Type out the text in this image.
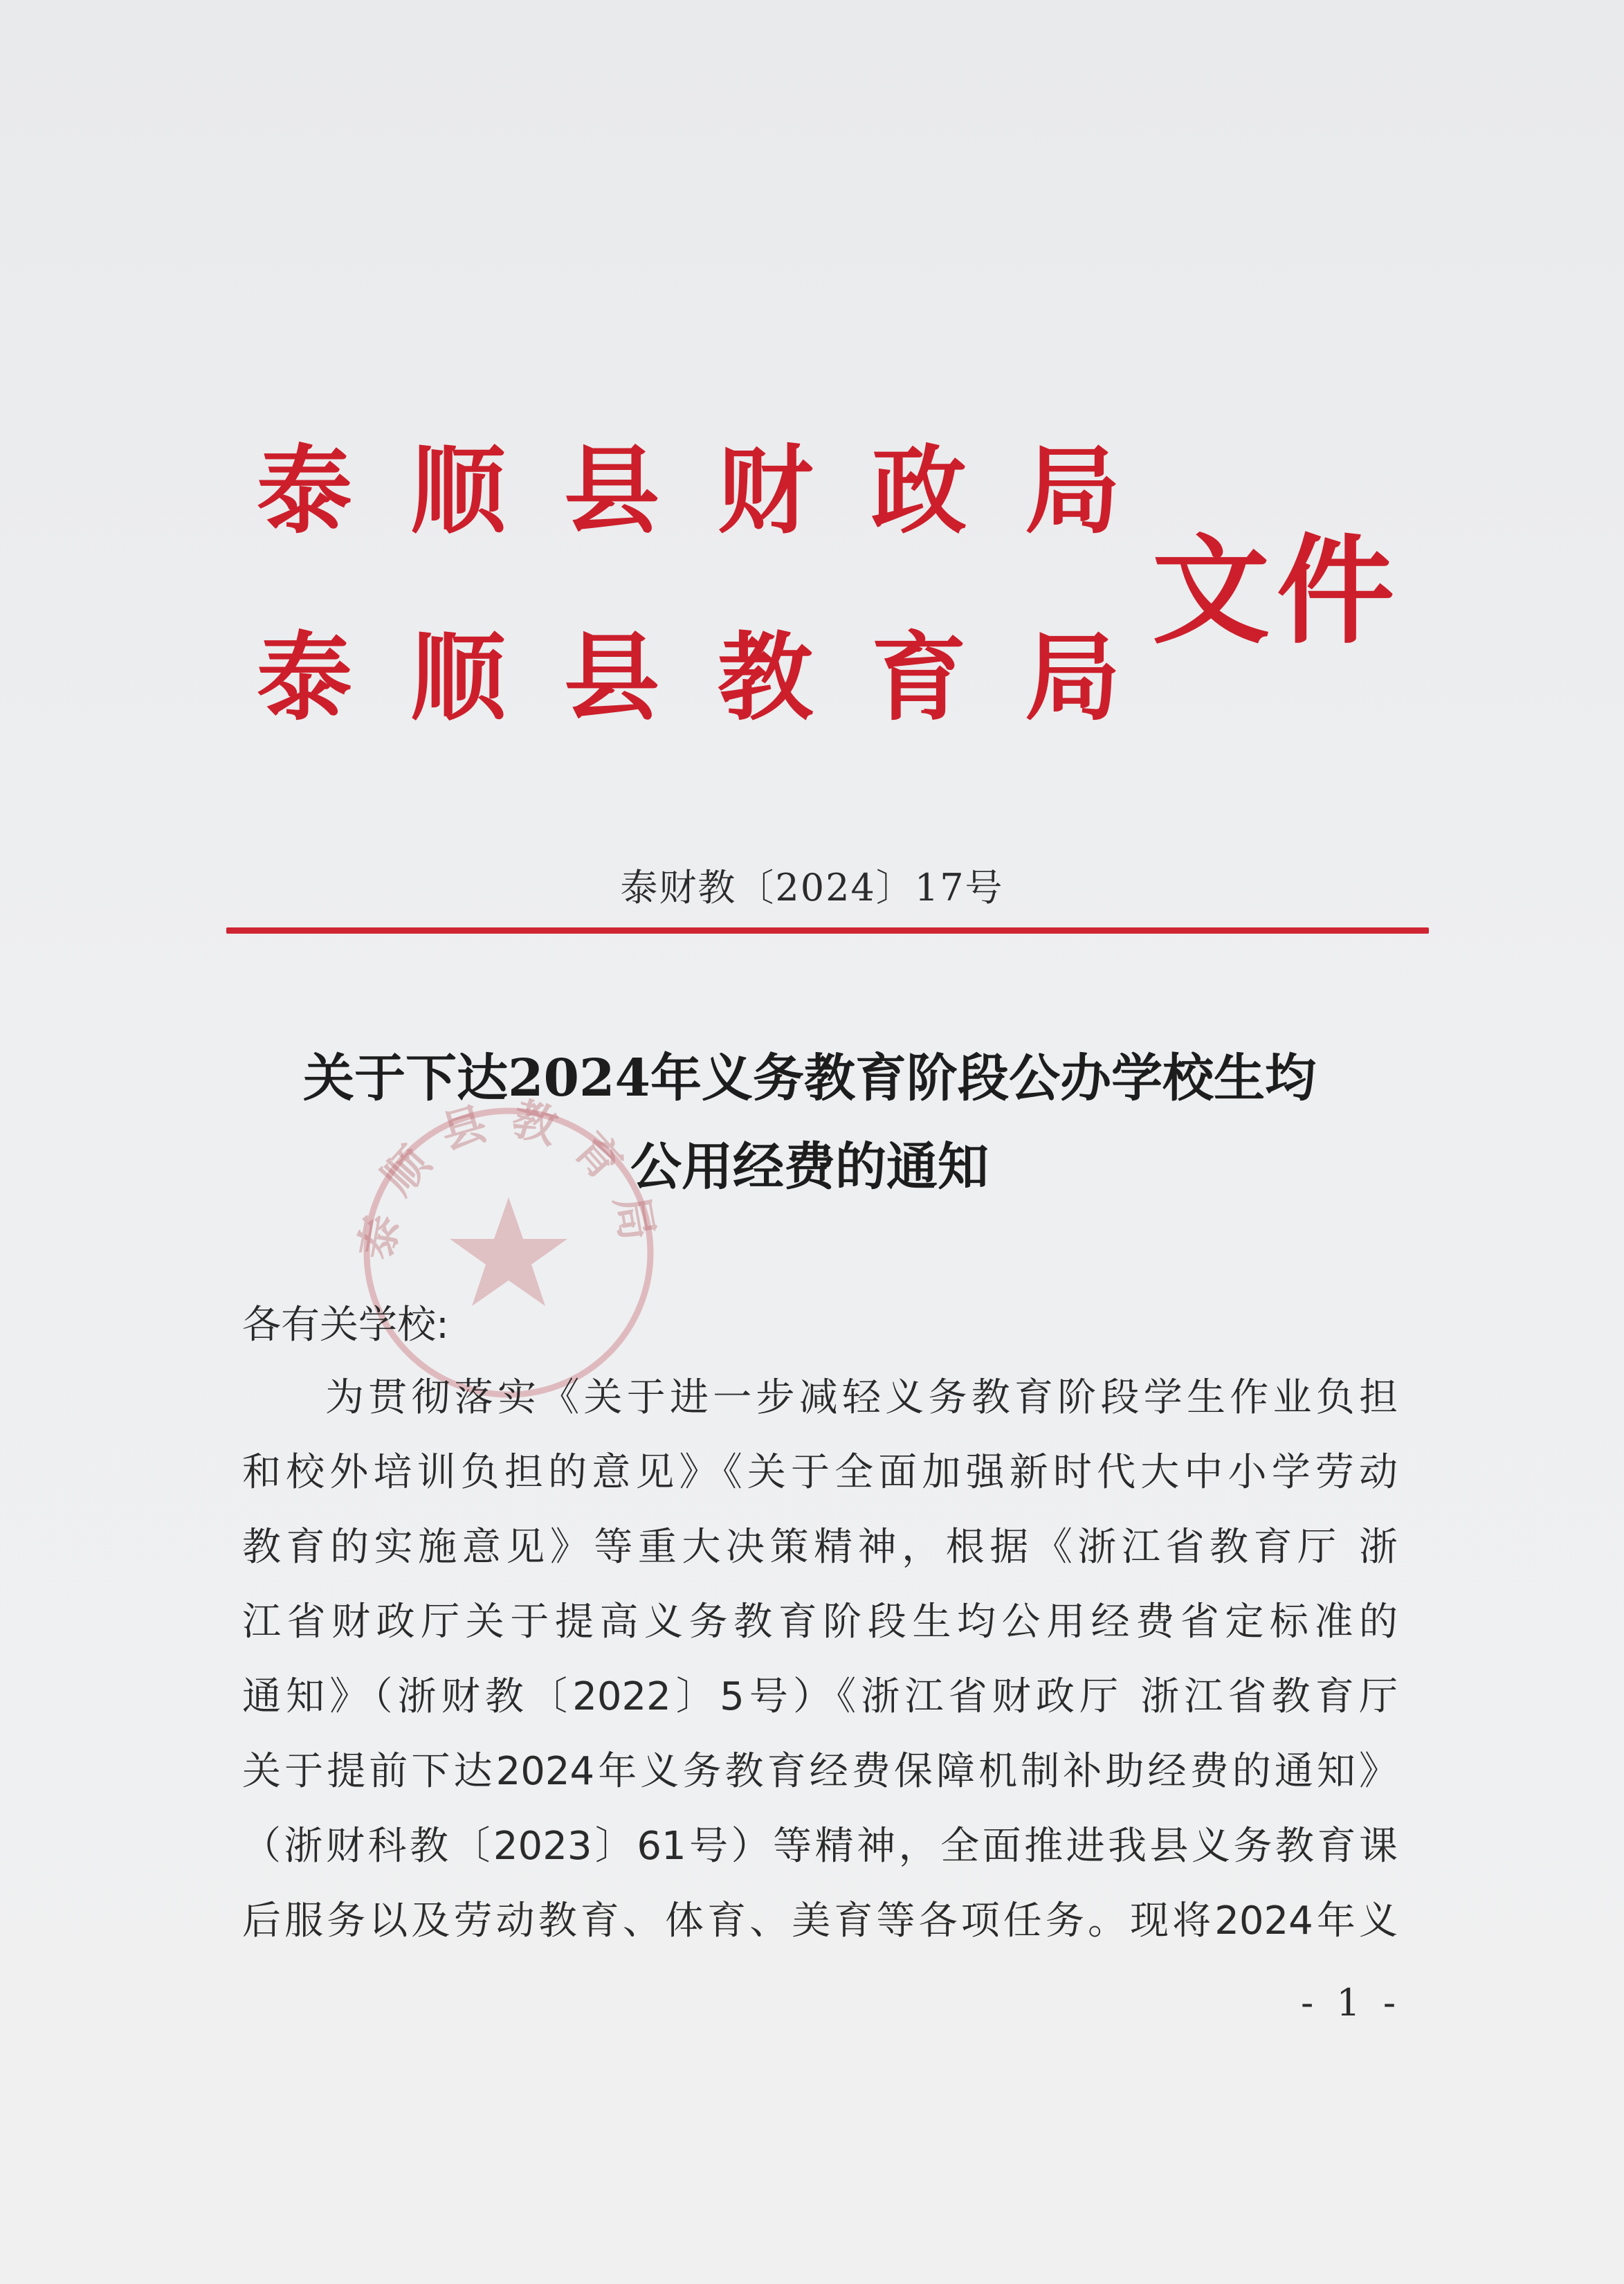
泰 顺 县 财 政 局
泰 顺 县 教 育 局
文件
泰财教〔2024〕17号
泰顺县教育局
关于下达2024年义务教育阶段公办学校生均
公用经费的通知
各有关学校:
为贯彻落实《关于进一步减轻义务教育阶段学生作业负担
和校外培训负担的意见》《关于全面加强新时代大中小学劳动
教育的实施意见》等重大决策精神，根据《浙江省教育厅 浙
江省财政厅关于提高义务教育阶段生均公用经费省定标准的
通知》（浙财教〔2022〕5号）《浙江省财政厅 浙江省教育厅
关于提前下达2024年义务教育经费保障机制补助经费的通知》
（浙财科教〔2023〕61号）等精神，全面推进我县义务教育课
后服务以及劳动教育、体育、美育等各项任务。现将2024年义
- 1 -
